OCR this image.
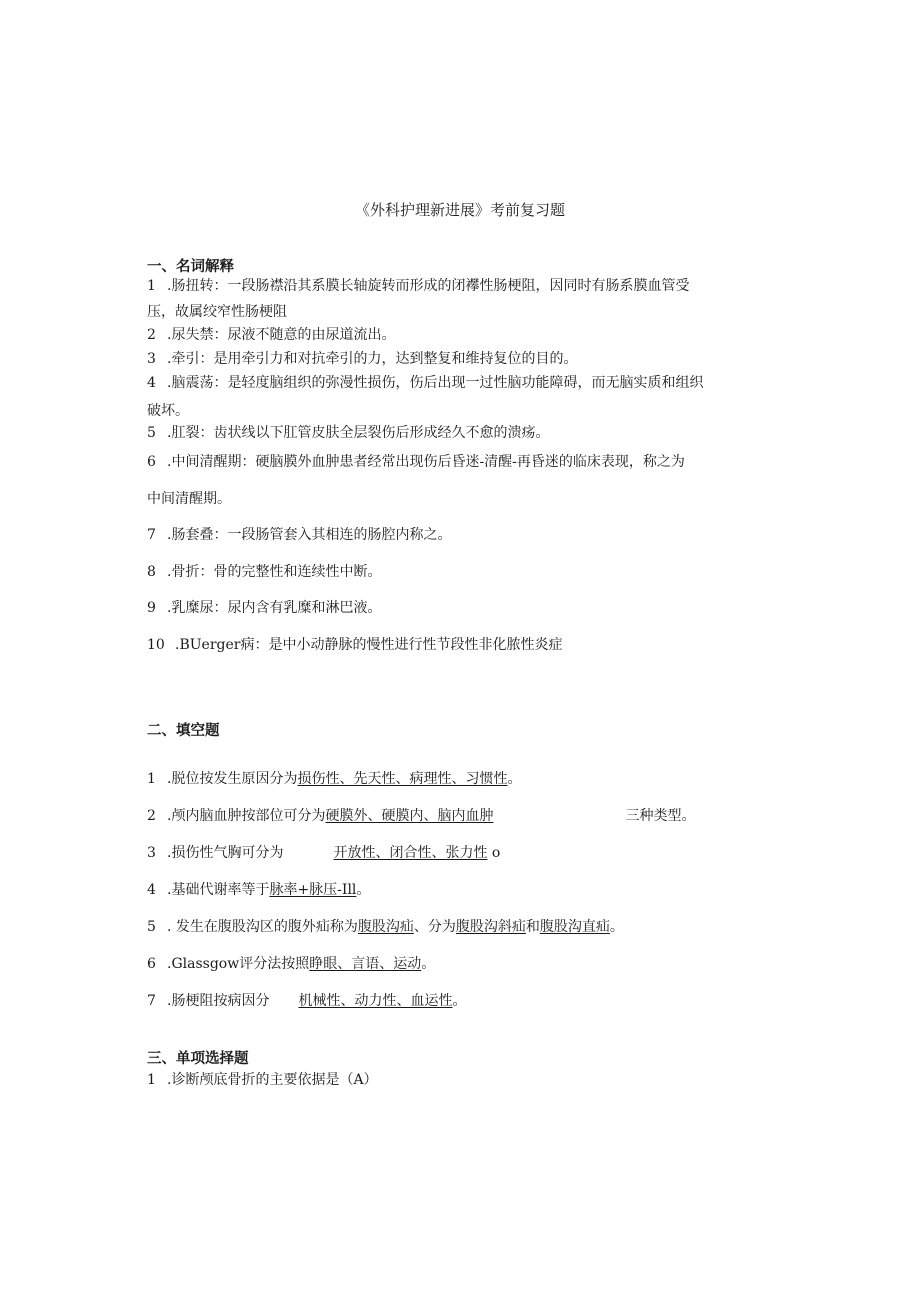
《外科护理新进展》考前复习题
一、名词解释
1 .肠扭转：一段肠襟沿其系膜长轴旋转而形成的闭襻性肠梗阻，因同时有肠系膜血管受
压，故属绞窄性肠梗阻
2 .尿失禁：尿液不随意的由尿道流出。
3 .牵引：是用牵引力和对抗牵引的力，达到整复和维持复位的目的。
4 .脑震荡：是轻度脑组织的弥漫性损伤，伤后出现一过性脑功能障碍，而无脑实质和组织
破坏。
5 .肛裂：齿状线以下肛管皮肤全层裂伤后形成经久不愈的溃疡。
6 .中间清醒期：硬脑膜外血肿患者经常出现伤后昏迷-清醒-再昏迷的临床表现，称之为
中间清醒期。
7 .肠套叠：一段肠管套入其相连的肠腔内称之。
8 .骨折：骨的完整性和连续性中断。
9 .乳糜尿：尿内含有乳糜和淋巴液。
10 .BUerger病：是中小动静脉的慢性进行性节段性非化脓性炎症
二、填空题
1 .脱位按发生原因分为损伤性、先天性、病理性、习惯性。
2 .颅内脑血肿按部位可分为硬膜外、硬膜内、脑内血肿	三种类型。
3 .损伤性气胸可分为	开放性、闭合性、张力性 o
4 .基础代谢率等于脉率+脉压-Ill。
5 . 发生在腹股沟区的腹外疝称为腹股沟疝、分为腹股沟斜疝和腹股沟直疝。
6 .Glassgow评分法按照睁眼、言语、运动。
7 .肠梗阻按病因分 机械性、动力性、血运性。
三、单项选择题
1 .诊断颅底骨折的主要依据是（A）
